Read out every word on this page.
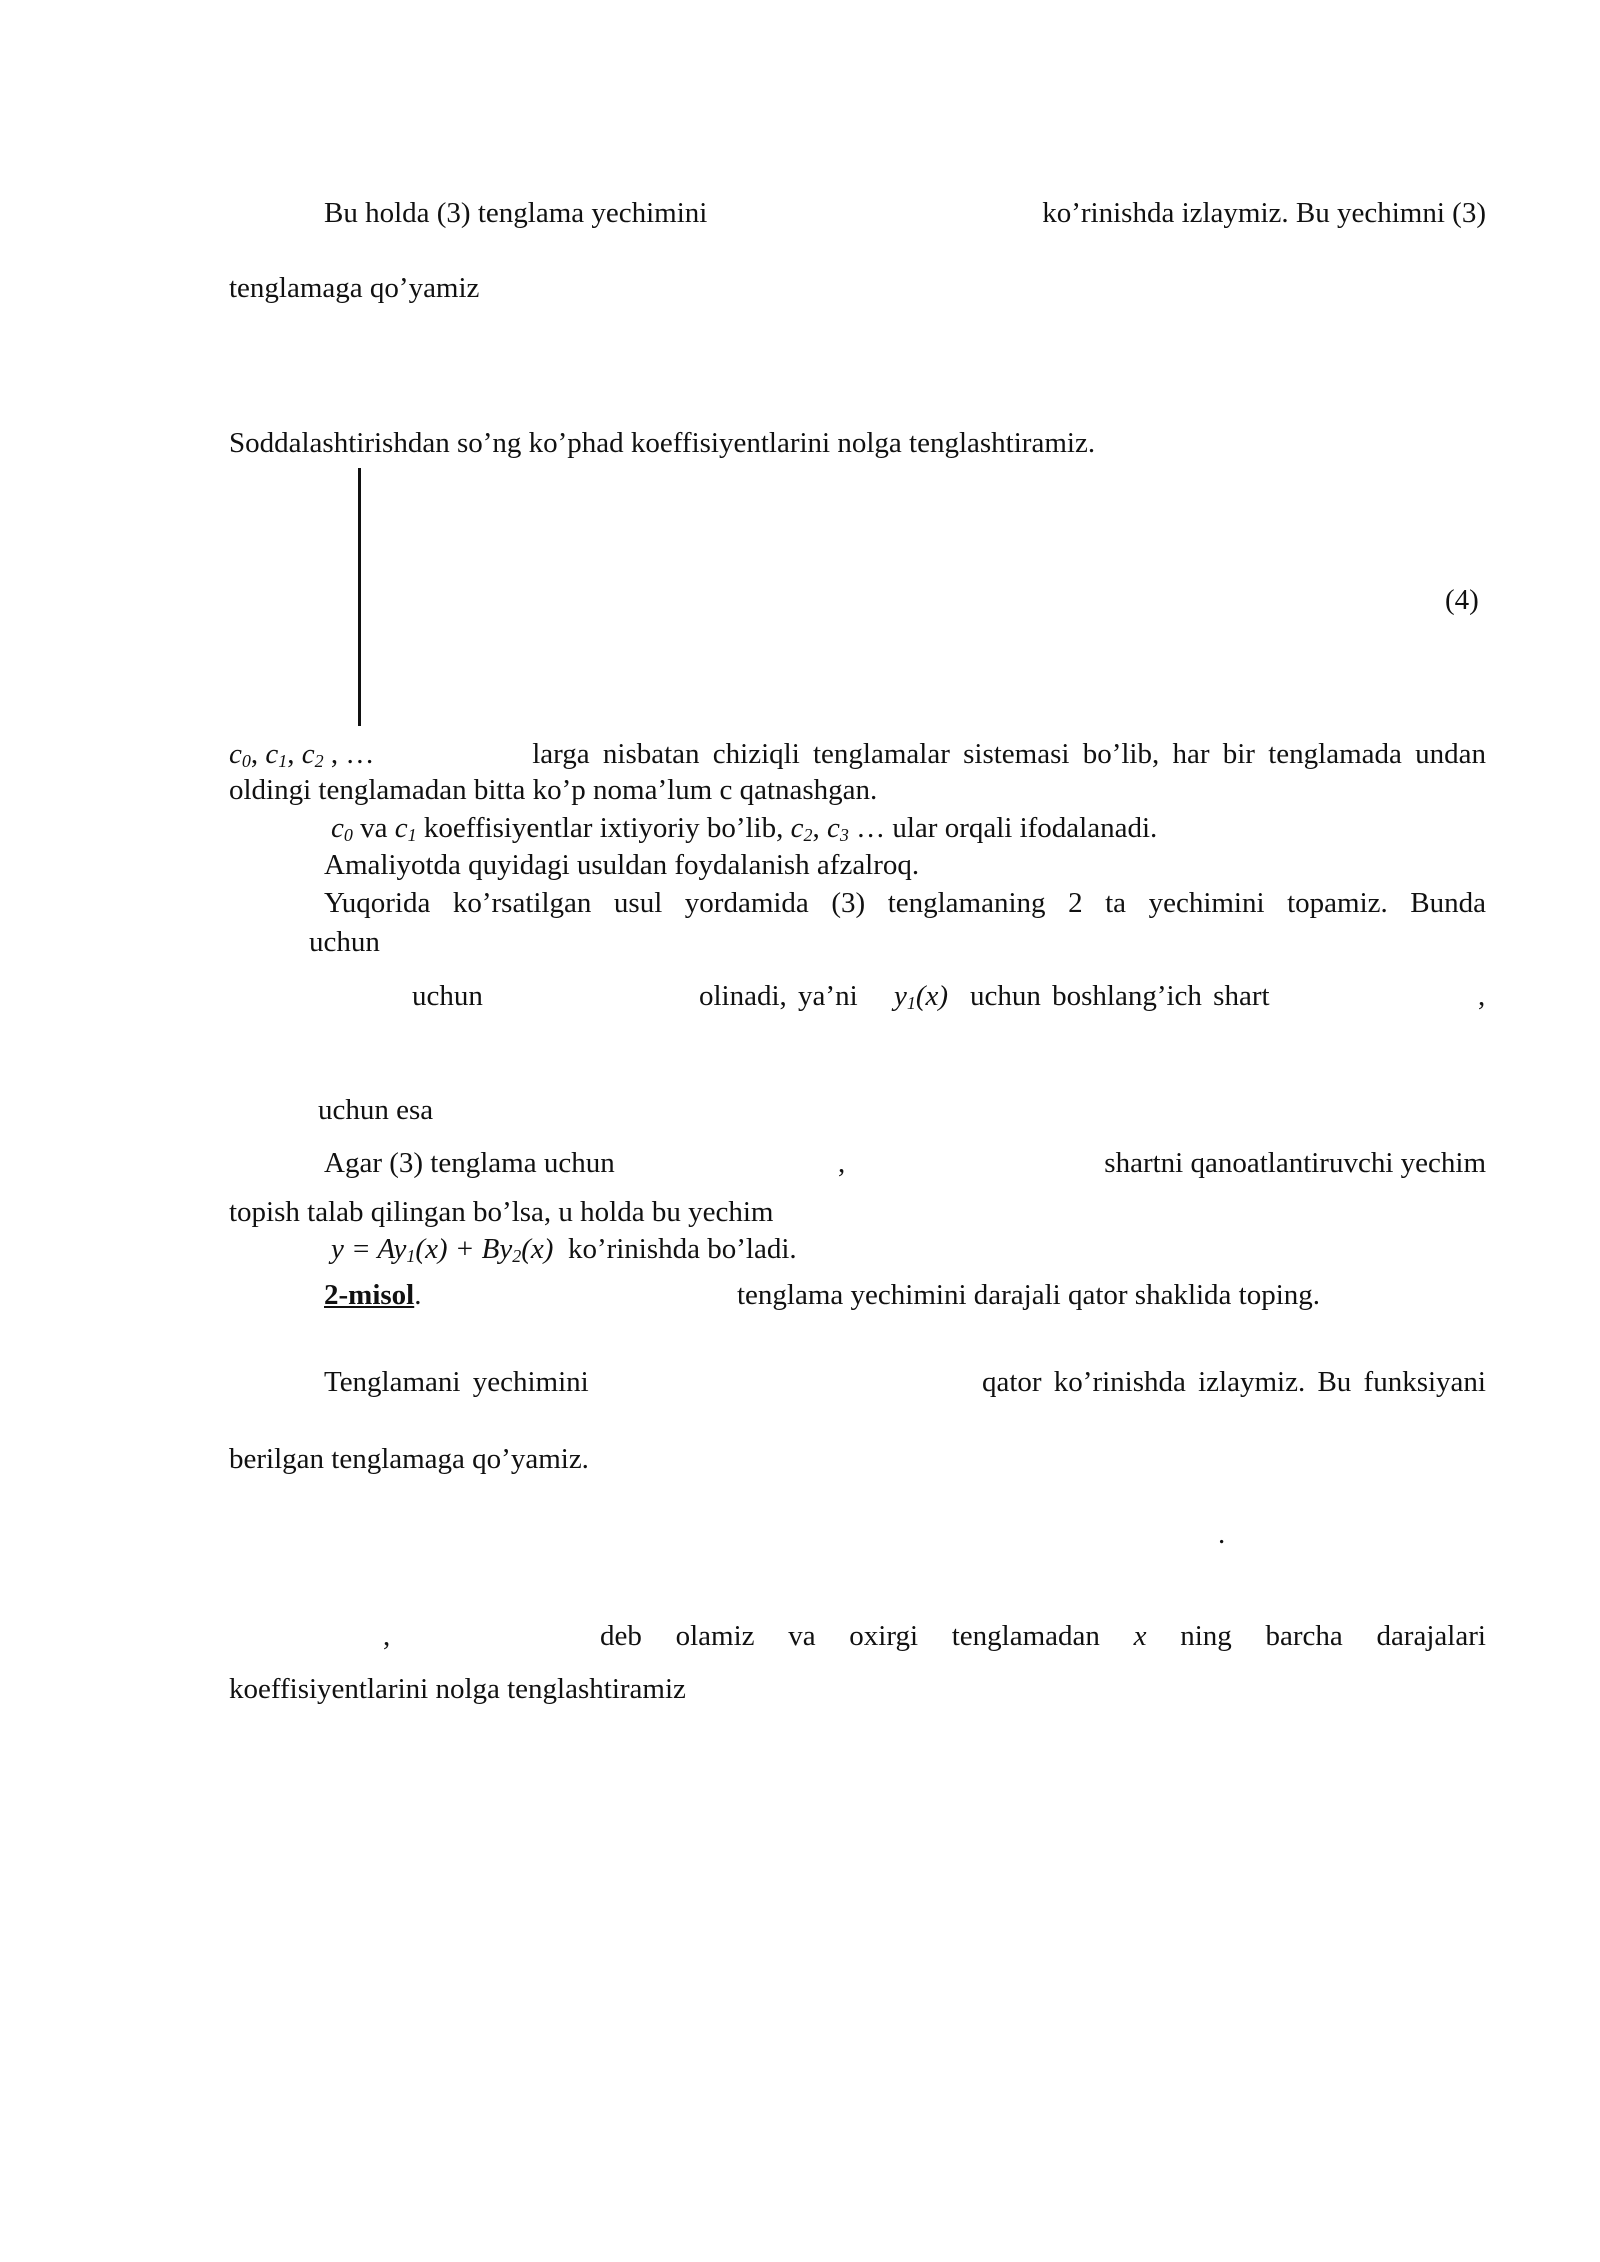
Bu holda (3) tenglama yechimini	ko’rinishda izlaymiz. Bu yechimni (3)
tenglamaga qo’yamiz
Soddalashtirishdan so’ng ko’phad koeffisiyentlarini nolga tenglashtiramiz.
(4)
$c_0$, $c_1$, $c_2$ , …	larga nisbatan chiziqli tenglamalar sistemasi bo’lib, har bir tenglamada undan
oldingi tenglamadan bitta ko’p noma’lum c qatnashgan.
$c_0$ va $c_1$ koeffisiyentlar ixtiyoriy bo’lib, $c_2$, $c_3$ … ular orqali ifodalanadi.
Amaliyotda quyidagi usuldan foydalanish afzalroq.
Yuqorida ko’rsatilgan usul yordamida (3) tenglamaning 2 ta yechimini topamiz. Bunda
uchun
uchun	olinadi, ya’ni $y_1(x)$ uchun boshlang’ich shart	,
uchun esa
Agar (3) tenglama uchun	,	shartni qanoatlantiruvchi yechim
topish talab qilingan bo’lsa, u holda bu yechim
$y = Ay_1(x) + By_2(x)$ ko’rinishda bo’ladi.
2-misol.	tenglama yechimini darajali qator shaklida toping.
Tenglamani yechimini	qator ko’rinishda izlaymiz. Bu funksiyani
berilgan tenglamaga qo’yamiz.
.
,	deb olamiz va oxirgi tenglamadan x ning barcha darajalari
koeffisiyentlarini nolga tenglashtiramiz
